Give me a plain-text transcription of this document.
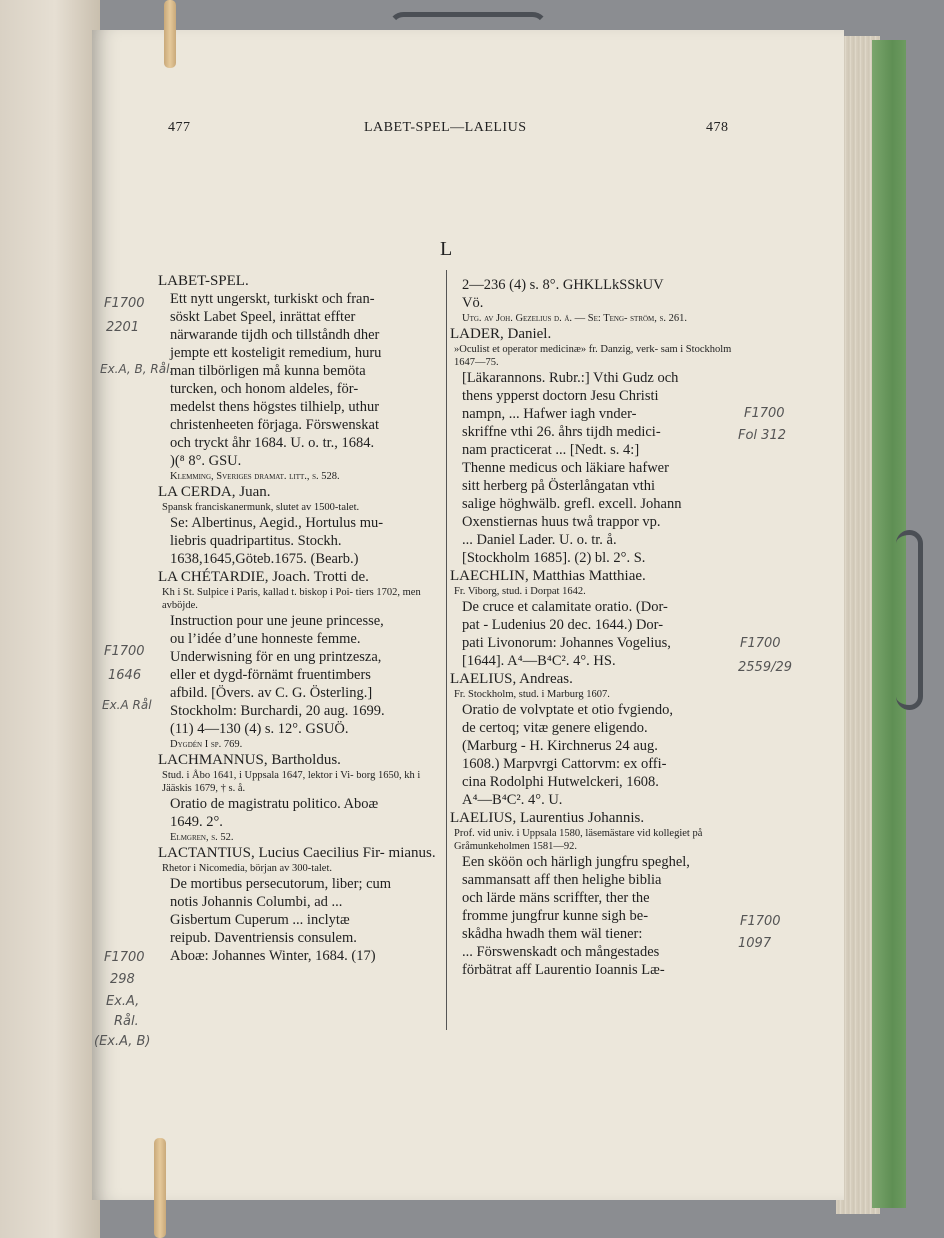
477	LABET-SPEL—LAELIUS	478
L
LABET-SPEL.

Ett nytt ungerskt, turkiskt och fran-

söskt Labet Speel, inrättat effter

närwarande tijdh och tillståndh dher

jempte ett kosteligit remedium, huru

man tilbörligen må kunna bemöta

turcken, och honom aldeles, för-

medelst thens högstes tilhielp, uthur

christenheeten förjaga. Förswenskat

och tryckt åhr 1684. U. o. tr., 1684.

)(⁸ 8°. GSU.

Klemming, Sveriges dramat. litt., s. 528.
LA CERDA, Juan.
Spansk franciskanermunk, slutet av 1500-talet.

Se: Albertinus, Aegid., Hortulus mu-

liebris quadripartitus. Stockh.

1638,1645,Göteb.1675. (Bearb.)

LA CHÉTARDIE, Joach. Trotti de.
Kh i St. Sulpice i Paris, kallad t. biskop i Poi- tiers 1702, men avböjde.

Instruction pour une jeune princesse,

ou l’idée d’une honneste femme.

Underwisning för en ung printzesza,

eller et dygd-förnämt fruentimbers

afbild. [Övers. av C. G. Österling.]

Stockholm: Burchardi, 20 aug. 1699.

(11) 4—130 (4) s. 12°. GSUÖ.

Dygdén I sp. 769.
LACHMANNUS, Bartholdus.
Stud. i Åbo 1641, i Uppsala 1647, lektor i Vi- borg 1650, kh i Jääskis 1679, † s. å.

Oratio de magistratu politico. Aboæ

1649. 2°.

Elmgren, s. 52.
LACTANTIUS, Lucius Caecilius Fir- mianus.
Rhetor i Nicomedia, början av 300-talet.

De mortibus persecutorum, liber; cum

notis Johannis Columbi, ad ...

Gisbertum Cuperum ... inclytæ

reipub. Daventriensis consulem.

Aboæ: Johannes Winter, 1684. (17)

2—236 (4) s. 8°. GHKLLkSSkUV

Vö.

Utg. av Joh. Gezelius d. ä. — Se: Teng- ström, s. 261.
LADER, Daniel.
»Oculist et operator medicinæ» fr. Danzig, verk- sam i Stockholm 1647—75.

[Läkarannons. Rubr.:] Vthi Gudz och

thens ypperst doctorn Jesu Christi

nampn, ... Hafwer iagh vnder-

skriffne vthi 26. åhrs tijdh medici-

nam practicerat ... [Nedt. s. 4:]

Thenne medicus och läkiare hafwer

sitt herberg på Österlångatan vthi

salige höghwälb. grefl. excell. Johann

Oxenstiernas huus twå trappor vp.

... Daniel Lader. U. o. tr. å.

[Stockholm 1685]. (2) bl. 2°. S.

LAECHLIN, Matthias Matthiae.
Fr. Viborg, stud. i Dorpat 1642.

De cruce et calamitate oratio. (Dor-

pat - Ludenius 20 dec. 1644.) Dor-

pati Livonorum: Johannes Vogelius,

[1644]. A⁴—B⁴C². 4°. HS.

LAELIUS, Andreas.
Fr. Stockholm, stud. i Marburg 1607.

Oratio de volvptate et otio fvgiendo,

de certoq; vitæ genere eligendo.

(Marburg - H. Kirchnerus 24 aug.

1608.) Marpvrgi Cattorvm: ex offi-

cina Rodolphi Hutwelckeri, 1608.

A⁴—B⁴C². 4°. U.

LAELIUS, Laurentius Johannis.
Prof. vid univ. i Uppsala 1580, läsemästare vid kollegiet på Gråmunkeholmen 1581—92.

Een sköön och härligh jungfru speghel,

sammansatt aff then helighe biblia

och lärde mäns scriffter, ther the

fromme jungfrur kunne sigh be-

skådha hwadh them wäl tiener:

... Förswenskadt och mångestades

förbätrat aff Laurentio Ioannis Læ-

F1700
2201
Ex.A, B, Rål.
F1700
1646
Ex.A Rål
F1700
298
Ex.A,
Rål.
(Ex.A, B)
F1700
Fol 312
F1700
2559/29
F1700
1097
